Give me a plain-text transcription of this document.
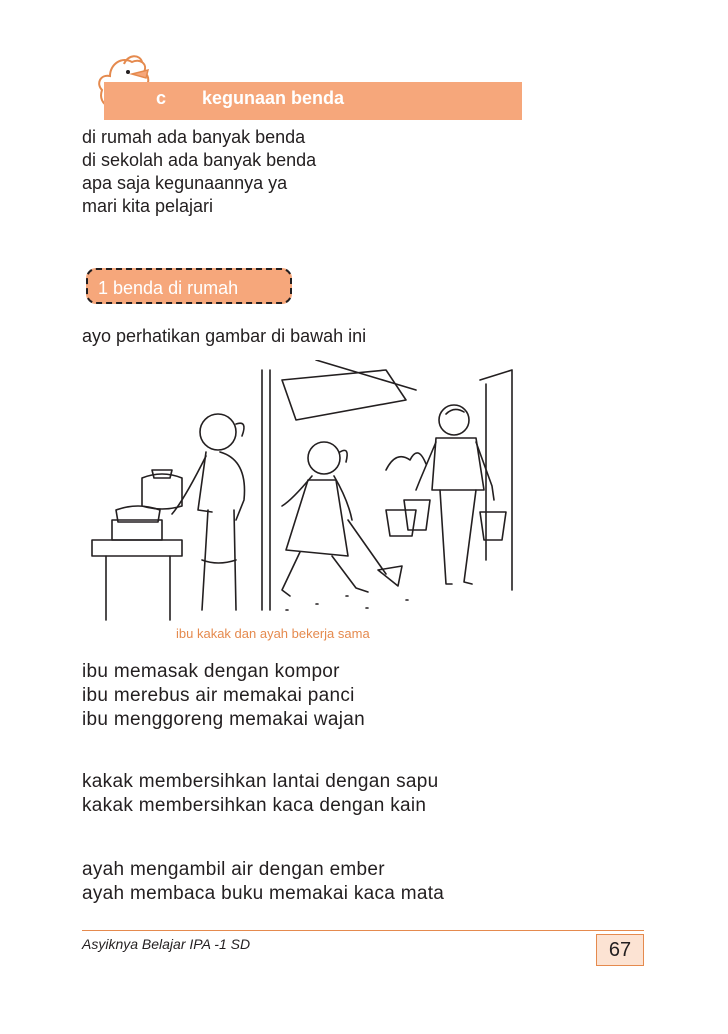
c kegunaan benda
di rumah ada banyak benda
di sekolah ada banyak benda
apa saja kegunaannya ya
mari kita pelajari
1 benda di rumah
ayo perhatikan gambar di bawah ini
ibu kakak dan ayah bekerja sama
ibu memasak dengan kompor
ibu merebus air memakai panci
ibu menggoreng memakai wajan
kakak membersihkan lantai dengan sapu
kakak membersihkan kaca dengan kain
ayah mengambil air dengan ember
ayah membaca buku memakai kaca mata
Asyiknya Belajar IPA -1 SD	67
